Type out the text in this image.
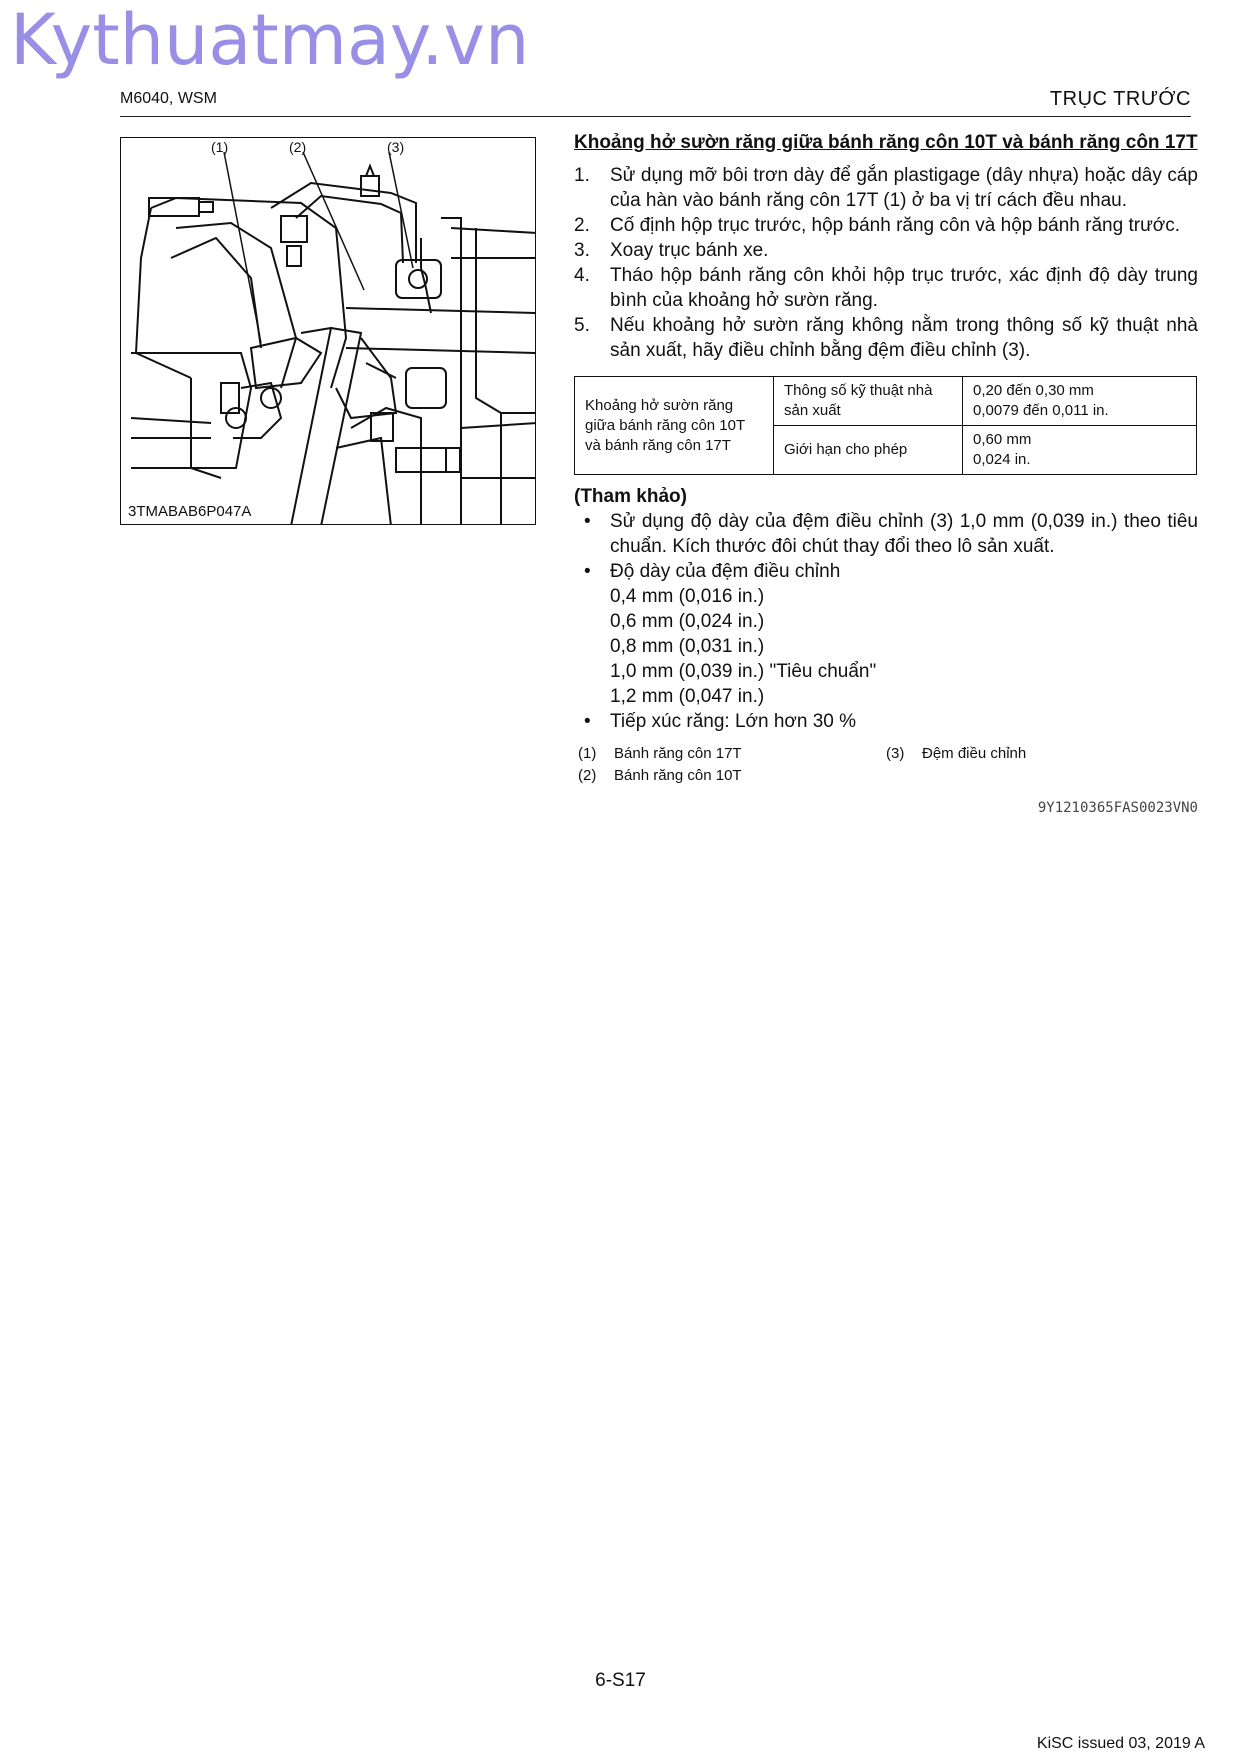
Kythuatmay.vn
M6040, WSM	TRỤC TRƯỚC
(1)	(2)	(3)
3TMABAB6P047A
Khoảng hở sườn răng giữa bánh răng côn 10T và bánh răng côn 17T
1. Sử dụng mỡ bôi trơn dày để gắn plastigage (dây nhựa) hoặc dây cáp của hàn vào bánh răng côn 17T (1) ở ba vị trí cách đều nhau.
2. Cố định hộp trục trước, hộp bánh răng côn và hộp bánh răng trước.
3. Xoay trục bánh xe.
4. Tháo hộp bánh răng côn khỏi hộp trục trước, xác định độ dày trung bình của khoảng hở sườn răng.
5. Nếu khoảng hở sườn răng không nằm trong thông số kỹ thuật nhà sản xuất, hãy điều chỉnh bằng đệm điều chỉnh (3).
Khoảng hở sườn răng giữa bánh răng côn 10T và bánh răng côn 17T	Thông số kỹ thuật nhà sản xuất	0,20 đến 0,30 mm
0,0079 đến 0,011 in.

	Giới hạn cho phép	0,60 mm
0,024 in.
(Tham khảo)
• Sử dụng độ dày của đệm điều chỉnh (3) 1,0 mm (0,039 in.) theo tiêu chuẩn. Kích thước đôi chút thay đổi theo lô sản xuất.
• Độ dày của đệm điều chỉnh
0,4 mm (0,016 in.)
0,6 mm (0,024 in.)
0,8 mm (0,031 in.)
1,0 mm (0,039 in.) "Tiêu chuẩn"
1,2 mm (0,047 in.)
• Tiếp xúc răng: Lớn hơn 30 %
(1) Bánh răng côn 17T
(2) Bánh răng côn 10T
(3) Đệm điều chỉnh
9Y1210365FAS0023VN0
6-S17
KiSC issued 03, 2019 A
